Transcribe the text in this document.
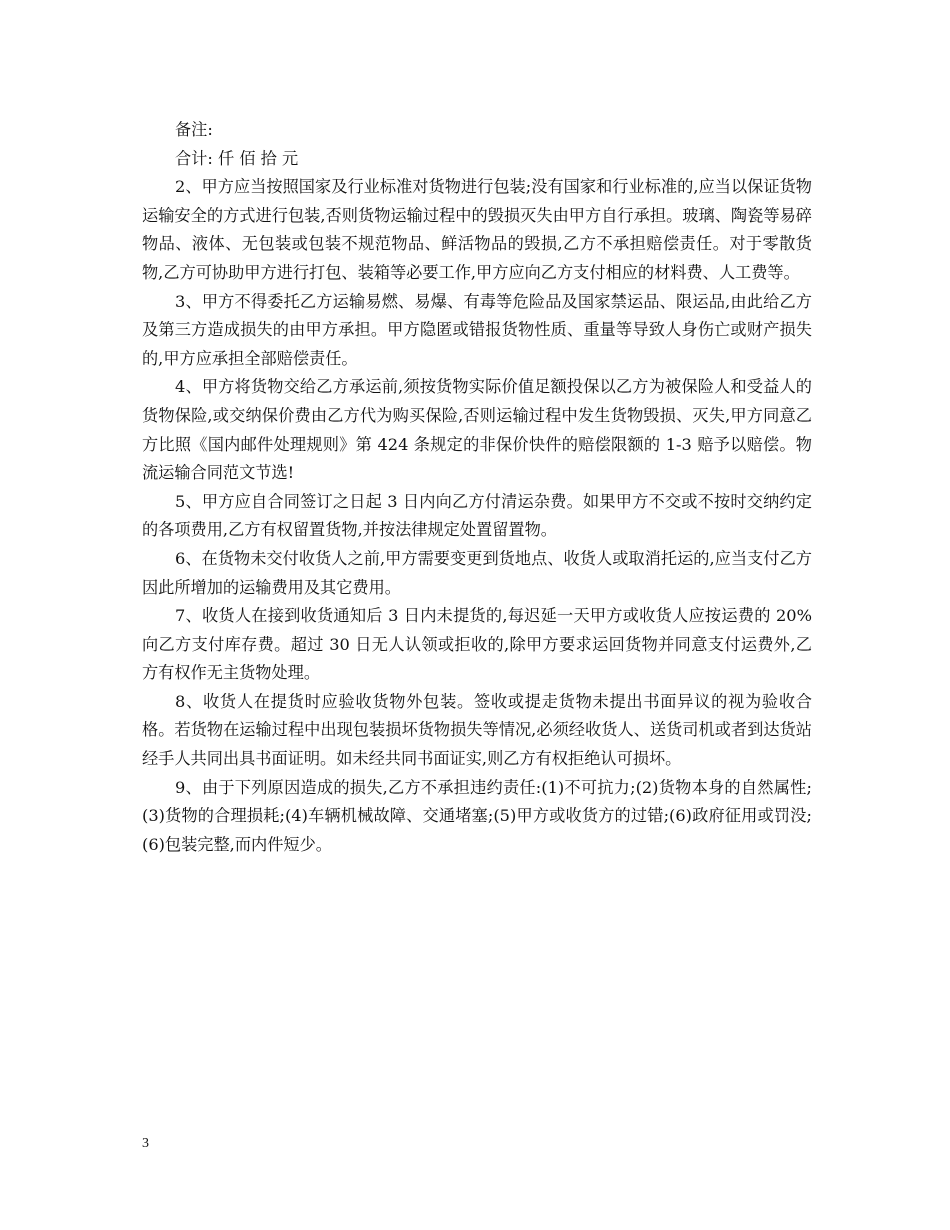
备注:

合计: 仟 佰 拾 元

2、甲方应当按照国家及行业标准对货物进行包装;没有国家和行业标准的,应当以保证货物运输安全的方式进行包装,否则货物运输过程中的毁损灭失由甲方自行承担。玻璃、陶瓷等易碎物品、液体、无包装或包装不规范物品、鲜活物品的毁损,乙方不承担赔偿责任。对于零散货物,乙方可协助甲方进行打包、装箱等必要工作,甲方应向乙方支付相应的材料费、人工费等。

3、甲方不得委托乙方运输易燃、易爆、有毒等危险品及国家禁运品、限运品,由此给乙方及第三方造成损失的由甲方承担。甲方隐匿或错报货物性质、重量等导致人身伤亡或财产损失的,甲方应承担全部赔偿责任。

4、甲方将货物交给乙方承运前,须按货物实际价值足额投保以乙方为被保险人和受益人的货物保险,或交纳保价费由乙方代为购买保险,否则运输过程中发生货物毁损、灭失,甲方同意乙方比照《国内邮件处理规则》第 424 条规定的非保价快件的赔偿限额的 1-3 赔予以赔偿。物流运输合同范文节选!

5、甲方应自合同签订之日起 3 日内向乙方付清运杂费。如果甲方不交或不按时交纳约定的各项费用,乙方有权留置货物,并按法律规定处置留置物。

6、在货物未交付收货人之前,甲方需要变更到货地点、收货人或取消托运的,应当支付乙方因此所增加的运输费用及其它费用。

7、收货人在接到收货通知后 3 日内未提货的,每迟延一天甲方或收货人应按运费的 20%向乙方支付库存费。超过 30 日无人认领或拒收的,除甲方要求运回货物并同意支付运费外,乙方有权作无主货物处理。

8、收货人在提货时应验收货物外包装。签收或提走货物未提出书面异议的视为验收合格。若货物在运输过程中出现包装损坏货物损失等情况,必须经收货人、送货司机或者到达货站经手人共同出具书面证明。如未经共同书面证实,则乙方有权拒绝认可损坏。

9、由于下列原因造成的损失,乙方不承担违约责任:(1)不可抗力;(2)货物本身的自然属性;(3)货物的合理损耗;(4)车辆机械故障、交通堵塞;(5)甲方或收货方的过错;(6)政府征用或罚没;(6)包装完整,而内件短少。

3
